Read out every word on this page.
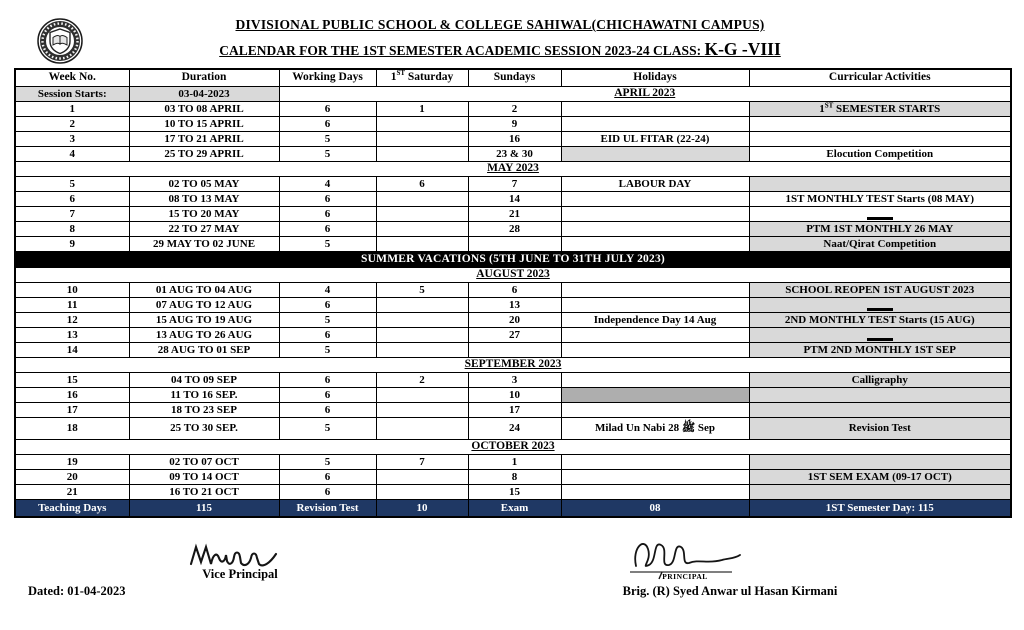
DIVISIONAL PUBLIC SCHOOL & COLLEGE SAHIWAL(CHICHAWATNI CAMPUS)
CALENDAR FOR THE 1ST SEMESTER ACADEMIC SESSION 2023-24 CLASS: K-G -VIII
Week No.	Duration	Working Days	1ST Saturday	Sundays	Holidays	Curricular Activities
Session Starts:	03-04-2023	APRIL 2023				
1	03 TO 08 APRIL	6	1	2		1ST SEMESTER STARTS
2	10 TO 15 APRIL	6		9		
3	17 TO 21 APRIL	5		16	EID UL FITAR (22-24)	
4	25 TO 29 APRIL	5		23 & 30		Elocution Competition
MAY 2023						
5	02 TO 05 MAY	4	6	7	LABOUR DAY	
6	08 TO 13 MAY	6		14		1ST MONTHLY TEST Starts (08 MAY)
7	15 TO 20 MAY	6		21		

8	22 TO 27 MAY	6		28		PTM 1ST MONTHLY 26 MAY
9	29 MAY TO 02 JUNE	5				Naat/Qirat Competition
SUMMER VACATIONS (5TH JUNE TO 31TH JULY 2023)						
AUGUST 2023						
10	01 AUG TO 04 AUG	4	5	6		SCHOOL REOPEN 1ST AUGUST 2023
11	07 AUG TO 12 AUG	6		13		

12	15 AUG TO 19 AUG	5		20	Independence Day 14 Aug	2ND MONTHLY TEST Starts (15 AUG)
13	13 AUG TO 26 AUG	6		27		

14	28 AUG TO 01 SEP	5				PTM 2ND MONTHLY 1ST SEP
SEPTEMBER 2023						
15	04 TO 09 SEP	6	2	3		Calligraphy
16	11 TO 16 SEP.	6		10		
17	18 TO 23 SEP	6		17		
18	25 TO 30 SEP.	5		24	Milad Un Nabi ﷺ 28 Sep	Revision Test
OCTOBER 2023						
19	02 TO 07 OCT	5	7	1		
20	09 TO 14 OCT	6		8		1ST SEM EXAM (09-17 OCT)
21	16 TO 21 OCT	6		15		
Teaching Days	115	Revision Test	10	Exam	08	1ST Semester Day: 115
Vice Principal
Dated: 01-04-2023
PRINCIPAL
Brig. (R) Syed Anwar ul Hasan Kirmani
